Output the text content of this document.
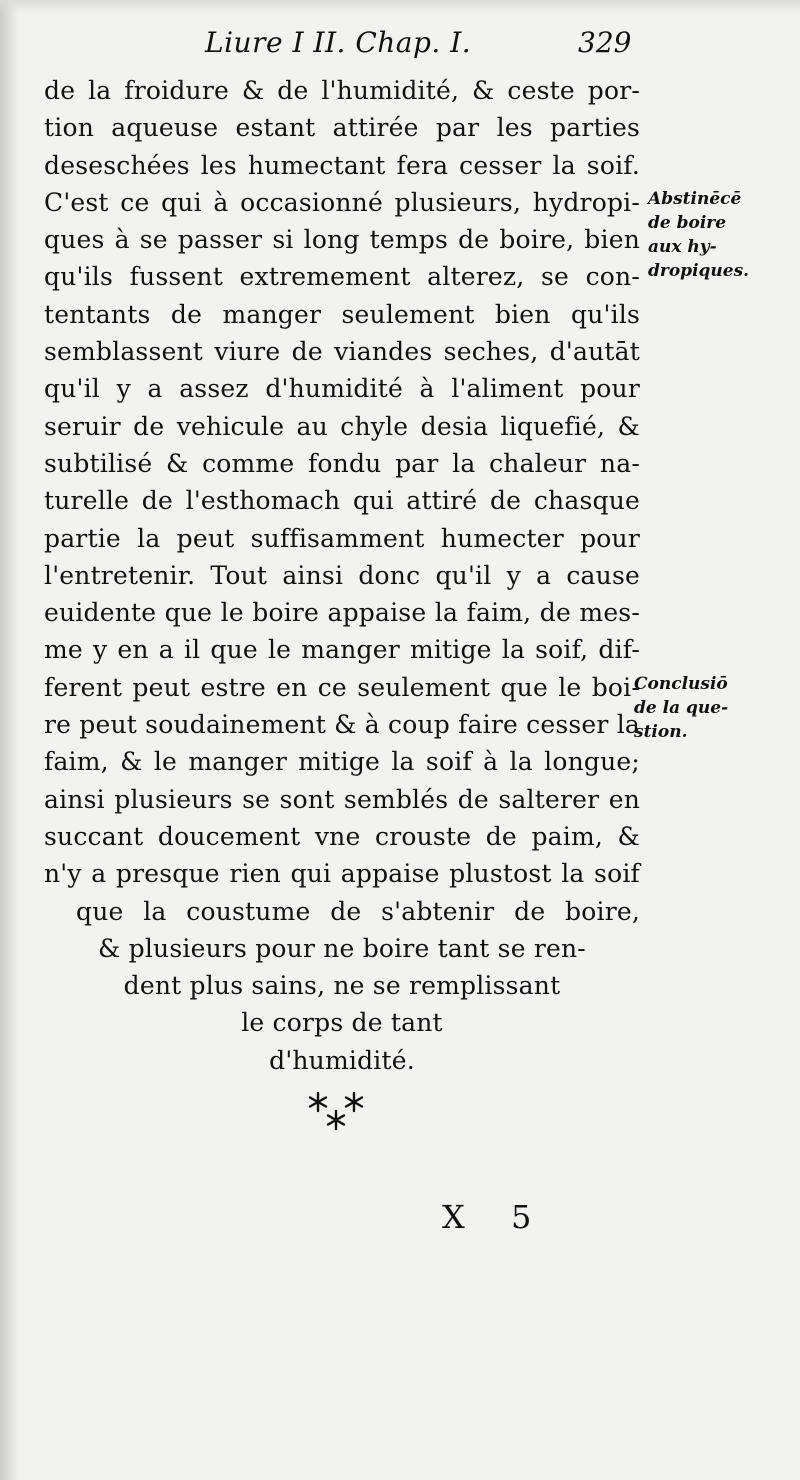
Liure I II. Chap. I.	329
de la froidure & de l'humidité, & ceste por-
tion aqueuse estant attirée par les parties
deseschées les humectant fera cesser la soif.
C'est ce qui à occasionné plusieurs, hydropi-
ques à se passer si long temps de boire, bien
qu'ils fussent extremement alterez, se con-
tentants de manger seulement bien qu'ils
semblassent viure de viandes seches, d'autāt
qu'il y a assez d'humidité à l'aliment pour
seruir de vehicule au chyle desia liquefié, &
subtilisé & comme fondu par la chaleur na-
turelle de l'esthomach qui attiré de chasque
partie la peut suffisamment humecter pour
l'entretenir. Tout ainsi donc qu'il y a cause
euidente que le boire appaise la faim, de mes-
me y en a il que le manger mitige la soif, dif-
ferent peut estre en ce seulement que le boi-
re peut soudainement & à coup faire cesser la
faim, & le manger mitige la soif à la longue;
ainsi plusieurs se sont semblés de salterer en
succant doucement vne crouste de paim, &
n'y a presque rien qui appaise plustost la soif
que la coustume de s'abtenir de boire,
& plusieurs pour ne boire tant se ren-
dent plus sains, ne se remplissant
le corps de tant
d'humidité.
Abstinēcē
de boire
aux hy-
dropiques.
Conclusiō
de la que-
stion.
X 5
